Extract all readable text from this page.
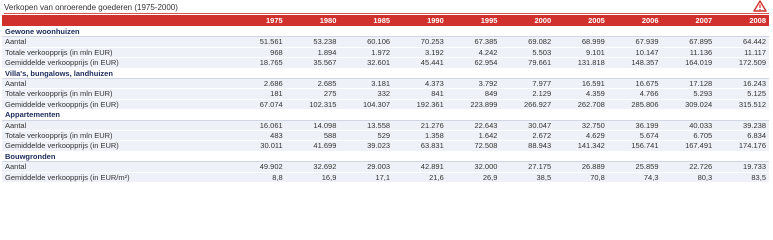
Verkopen van onroerende goederen (1975-2000)
	1975	1980	1985	1990	1995	2000	2005	2006	2007	2008
Gewone woonhuizen										
Aantal	51.561	53.238	60.106	70.253	67.385	69.082	68.999	67.939	67.895	64.442
Totale verkoopprijs (in mln EUR)	968	1.894	1.972	3.192	4.242	5.503	9.101	10.147	11.136	11.117
Gemiddelde verkoopprijs (in EUR)	18.765	35.567	32.601	45.441	62.954	79.661	131.818	148.357	164.019	172.509
Villa's, bungalows, landhuizen										
Aantal	2.686	2.685	3.181	4.373	3.792	7.977	16.591	16.675	17.128	16.243
Totale verkoopprijs (in mln EUR)	181	275	332	841	849	2.129	4.359	4.766	5.293	5.125
Gemiddelde verkoopprijs (in EUR)	67.074	102.315	104.307	192.361	223.899	266.927	262.708	285.806	309.024	315.512
Appartementen										
Aantal	16.061	14.098	13.558	21.276	22.643	30.047	32.750	36.199	40.033	39.238
Totale verkoopprijs (in mln EUR)	483	588	529	1.358	1.642	2.672	4.629	5.674	6.705	6.834
Gemiddelde verkoopprijs (in EUR)	30.011	41.699	39.023	63.831	72.508	88.943	141.342	156.741	167.491	174.176
Bouwgronden										
Aantal	49.902	32.692	29.003	42.891	32.000	27.175	26.889	25.859	22.726	19.733
Gemiddelde verkoopprijs (in EUR/m²)	8,8	16,9	17,1	21,6	26,9	38,5	70,8	74,3	80,3	83,5
